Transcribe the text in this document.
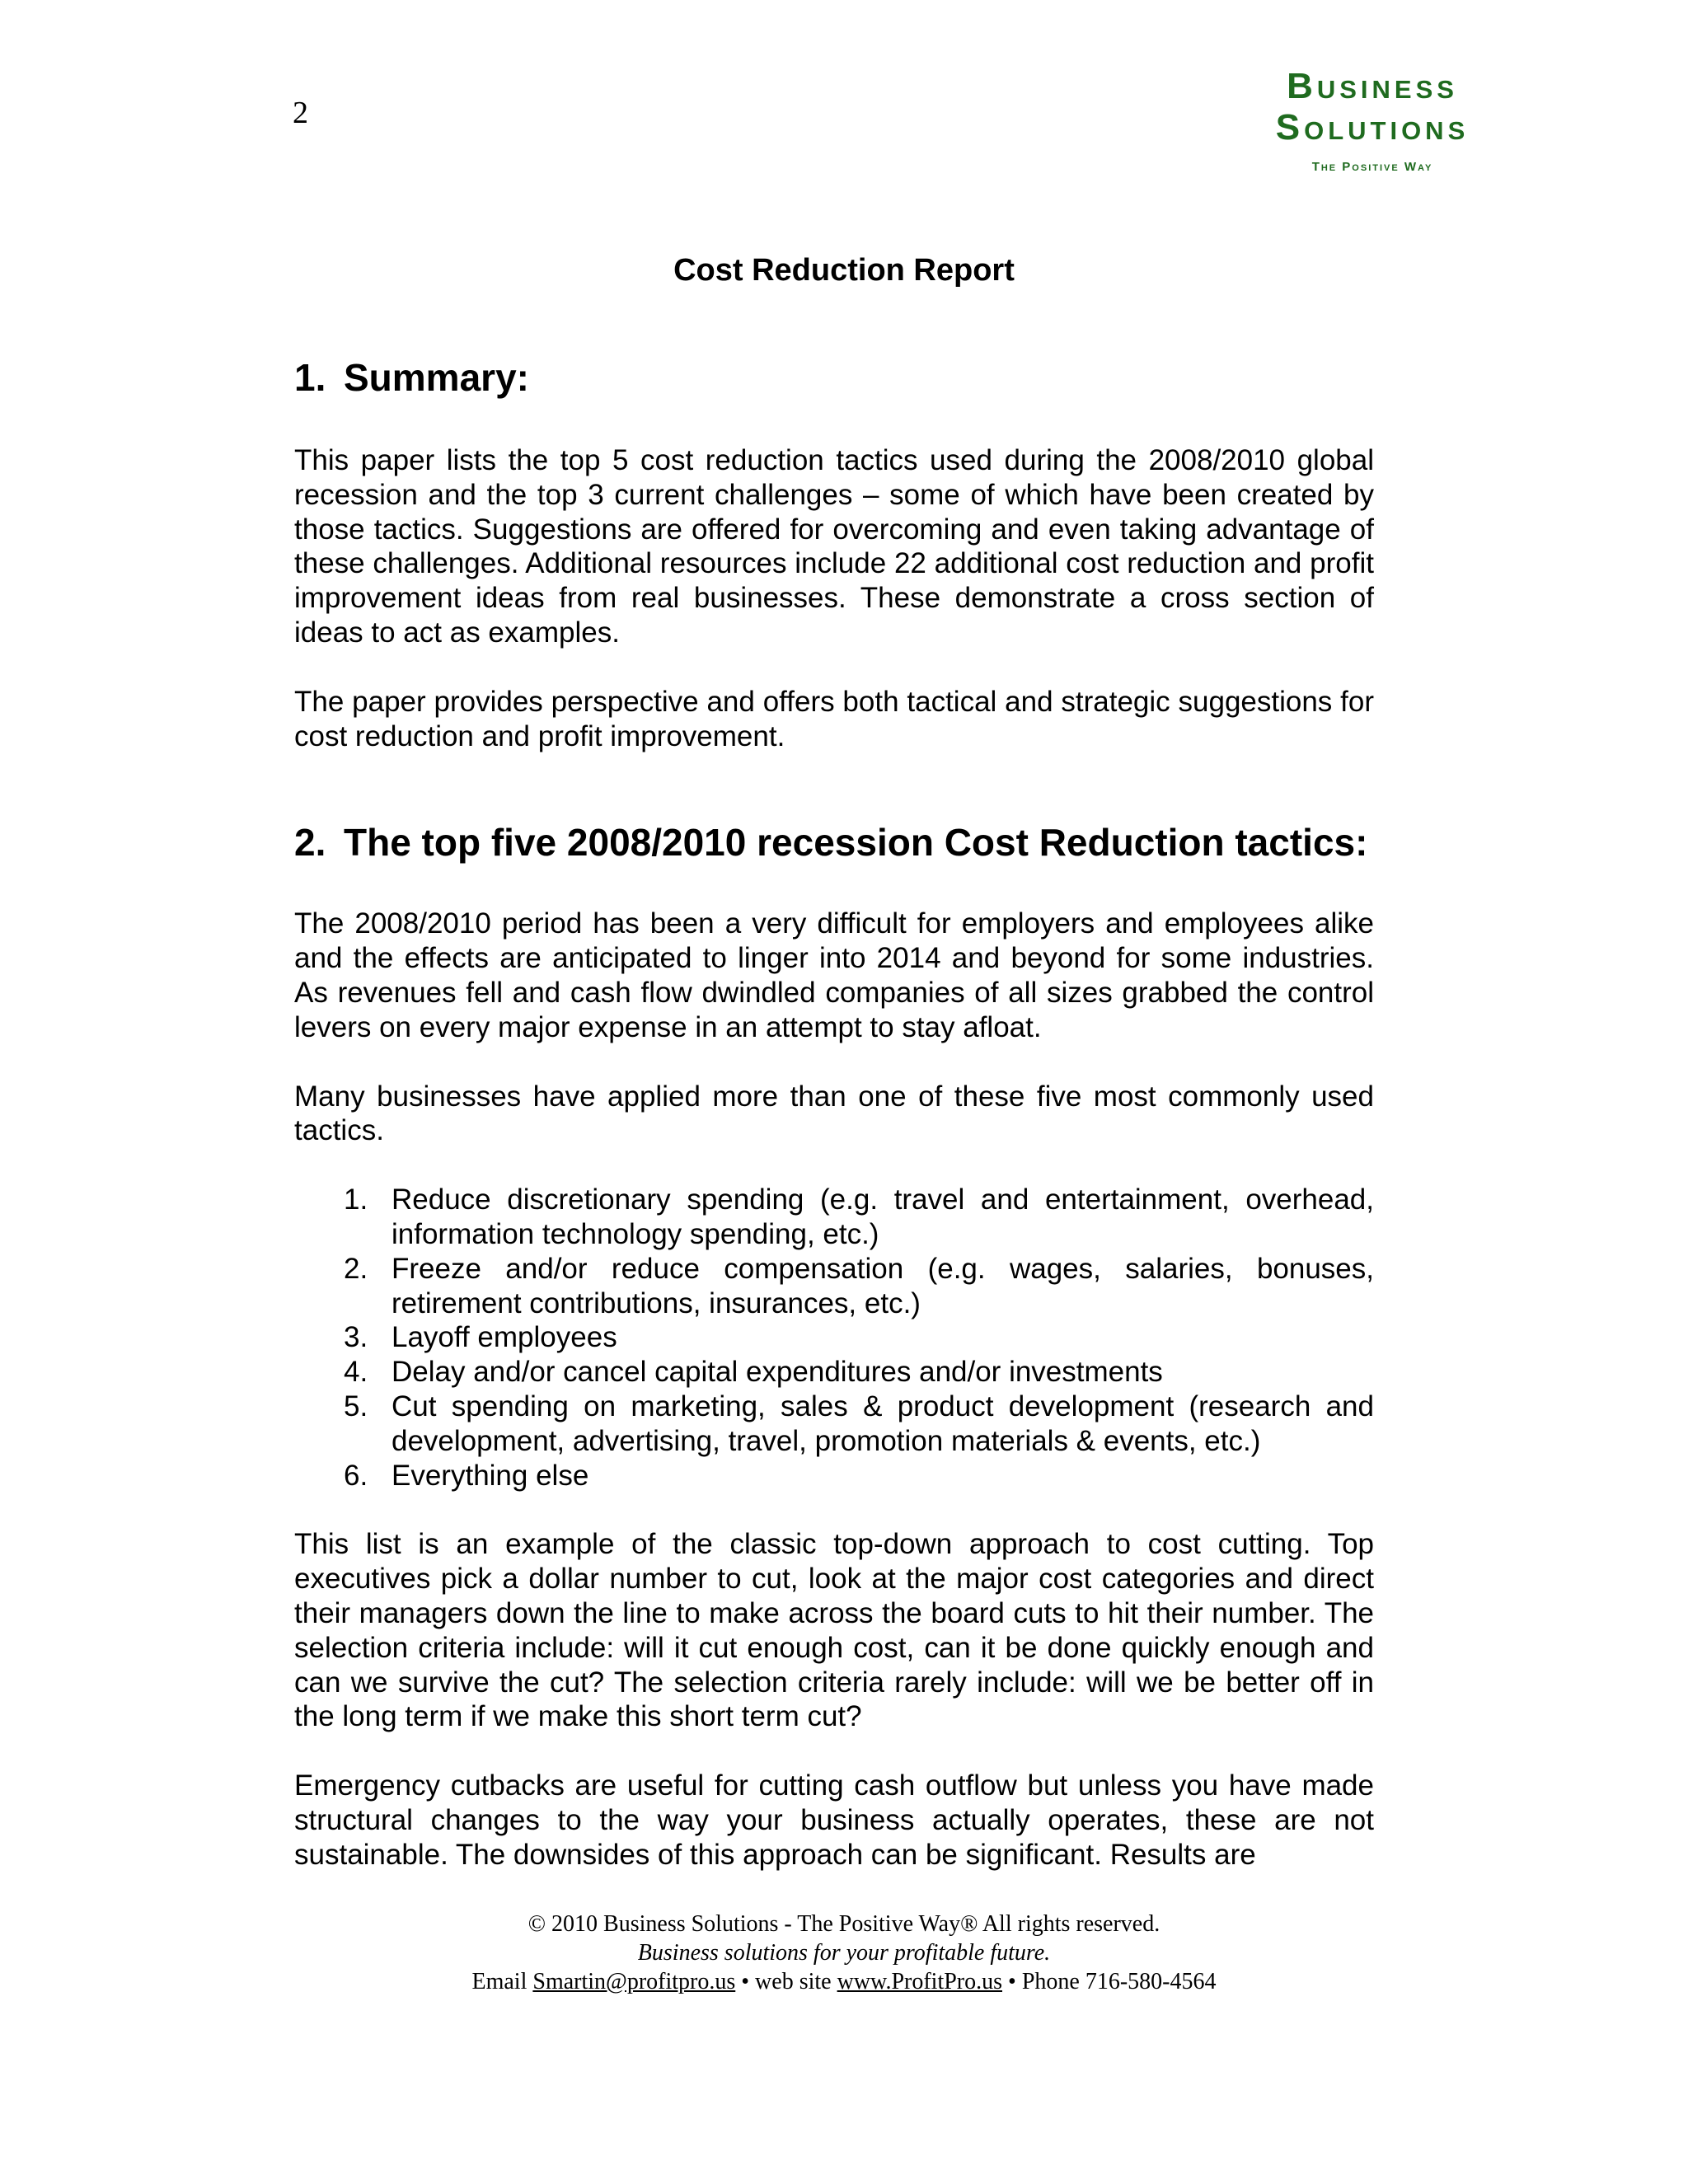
2
Business
Solutions
The Positive Way
Cost Reduction Report
1. Summary:

This paper lists the top 5 cost reduction tactics used during the 2008/2010 global recession and the top 3 current challenges – some of which have been created by those tactics. Suggestions are offered for overcoming and even taking advantage of these challenges. Additional resources include 22 additional cost reduction and profit improvement ideas from real businesses. These demonstrate a cross section of ideas to act as examples.

The paper provides perspective and offers both tactical and strategic suggestions for cost reduction and profit improvement.

2. The top five 2008/2010 recession Cost Reduction tactics:

The 2008/2010 period has been a very difficult for employers and employees alike and the effects are anticipated to linger into 2014 and beyond for some industries. As revenues fell and cash flow dwindled companies of all sizes grabbed the control levers on every major expense in an attempt to stay afloat.

Many businesses have applied more than one of these five most commonly used tactics.

1. Reduce discretionary spending (e.g. travel and entertainment, overhead, information technology spending, etc.)
2. Freeze and/or reduce compensation (e.g. wages, salaries, bonuses, retirement contributions, insurances, etc.)
3. Layoff employees
4. Delay and/or cancel capital expenditures and/or investments
5. Cut spending on marketing, sales & product development (research and development, advertising, travel, promotion materials & events, etc.)
6. Everything else

This list is an example of the classic top-down approach to cost cutting. Top executives pick a dollar number to cut, look at the major cost categories and direct their managers down the line to make across the board cuts to hit their number. The selection criteria include: will it cut enough cost, can it be done quickly enough and can we survive the cut? The selection criteria rarely include: will we be better off in the long term if we make this short term cut?

Emergency cutbacks are useful for cutting cash outflow but unless you have made structural changes to the way your business actually operates, these are not sustainable. The downsides of this approach can be significant. Results are

© 2010 Business Solutions - The Positive Way® All rights reserved.
Business solutions for your profitable future.
Email Smartin@profitpro.us • web site www.ProfitPro.us • Phone 716-580-4564
